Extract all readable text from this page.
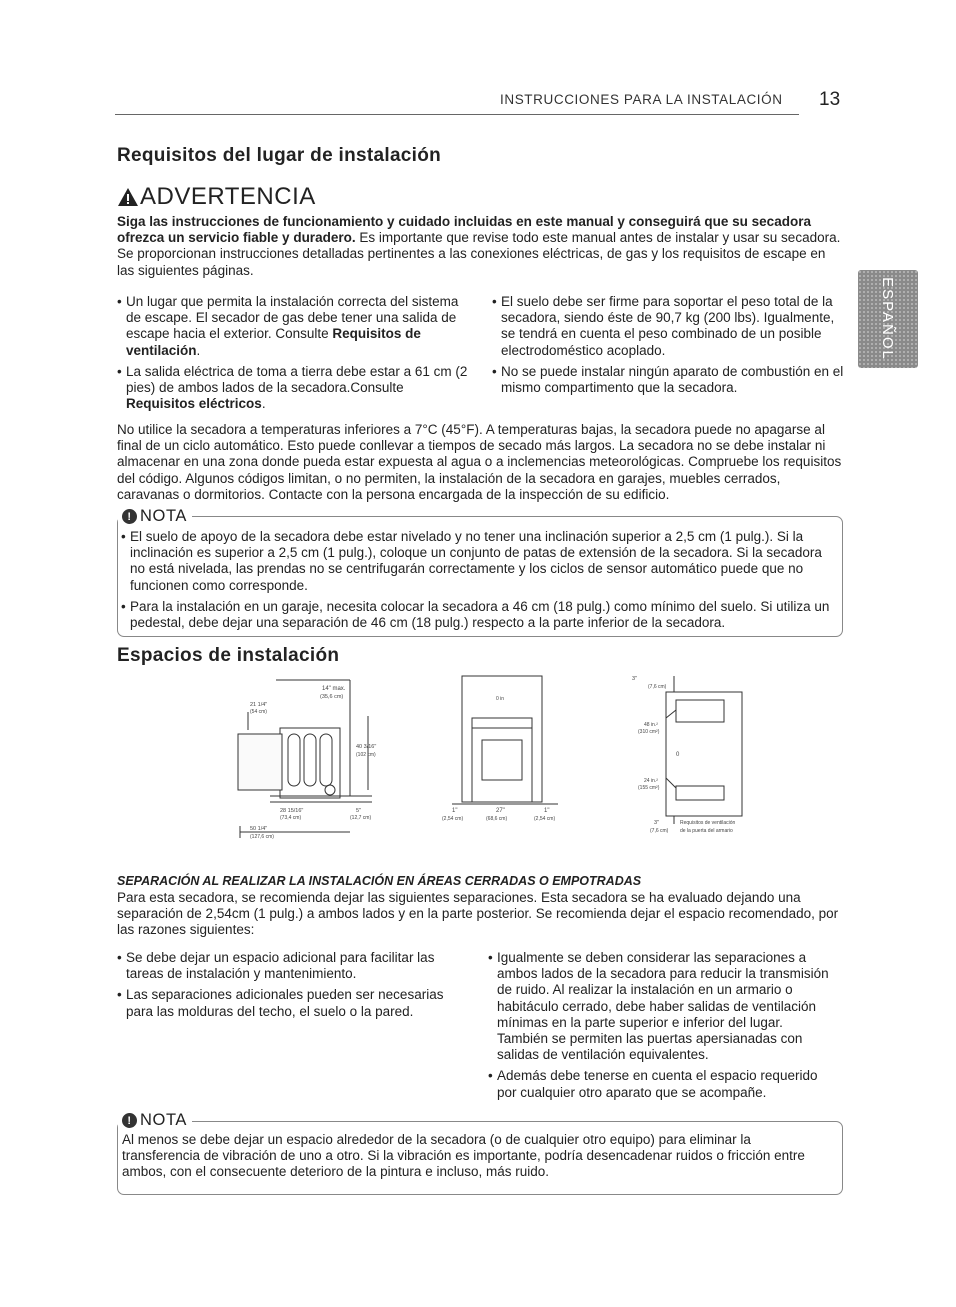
INSTRUCCIONES PARA LA INSTALACIÓN 13
ESPAÑOL
Requisitos del lugar de instalación
ADVERTENCIA

Siga las instrucciones de funcionamiento y cuidado incluidas en este manual y conseguirá que su secadora ofrezca un servicio fiable y duradero. Es importante que revise todo este manual antes de instalar y usar su secadora. Se proporcionan instrucciones detalladas pertinentes a las conexiones eléctricas, de gas y los requisitos de escape en las siguientes páginas.

• Un lugar que permita la instalación correcta del sistema de escape. El secador de gas debe tener una salida de escape hacia el exterior. Consulte Requisitos de ventilación.
• La salida eléctrica de toma a tierra debe estar a 61 cm (2 pies) de ambos lados de la secadora.Consulte Requisitos eléctricos.
• El suelo debe ser firme para soportar el peso total de la secadora, siendo éste de 90,7 kg (200 lbs). Igualmente, se tendrá en cuenta el peso combinado de un posible electrodoméstico acoplado.
• No se puede instalar ningún aparato de combustión en el mismo compartimento que la secadora.

No utilice la secadora a temperaturas inferiores a 7°C (45°F). A temperaturas bajas, la secadora puede no apagarse al final de un ciclo automático. Esto puede conllevar a tiempos de secado más largos. La secadora no se debe instalar ni almacenar en una zona donde pueda estar expuesta al agua o a inclemencias meteorológicas. Compruebe los requisitos del código. Algunos códigos limitan, o no permiten, la instalación de la secadora en garajes, muebles cerrados, caravanas o dormitorios. Contacte con la persona encargada de la inspección de su edificio.

! NOTA
• El suelo de apoyo de la secadora debe estar nivelado y no tener una inclinación superior a 2,5 cm (1 pulg.). Si la inclinación es superior a 2,5 cm (1 pulg.), coloque un conjunto de patas de extensión de la secadora. Si la secadora no está nivelada, las prendas no se centrifugarán correctamente y los ciclos de sensor automático puede que no funcionen como corresponde.
• Para la instalación en un garaje, necesita colocar la secadora a 46 cm (18 pulg.) como mínimo del suelo. Si utiliza un pedestal, debe dejar una separación de 46 cm (18 pulg.) respecto a la parte inferior de la secadora.
Espacios de instalación
14" max.
(35,6 cm)
21 1/4"
(54 cm)
40 3/16"
(102 cm)
28 15/16"
(73,4 cm)
5"
(12,7 cm)
50 1/4"
(127,6 cm)
0 in
1"
(2,54 cm)
27"
(68,6 cm)
1"
(2,54 cm)
3"
(7,6 cm)
48 in.²
(310 cm²)
0
24 in.²
(155 cm²)
3"
(7,6 cm)
Requisitos de ventilación
de la puerta del armario

SEPARACIÓN AL REALIZAR LA INSTALACIÓN EN ÁREAS CERRADAS O EMPOTRADAS

Para esta secadora, se recomienda dejar las siguientes separaciones. Esta secadora se ha evaluado dejando una separación de 2,54cm (1 pulg.) a ambos lados y en la parte posterior. Se recomienda dejar el espacio recomendado, por las razones siguientes:

• Se debe dejar un espacio adicional para facilitar las tareas de instalación y mantenimiento.
• Las separaciones adicionales pueden ser necesarias para las molduras del techo, el suelo o la pared.
• Igualmente se deben considerar las separaciones a ambos lados de la secadora para reducir la transmisión de ruido. Al realizar la instalación en un armario o habitáculo cerrado, debe haber salidas de ventilación mínimas en la parte superior e inferior del lugar. También se permiten las puertas apersianadas con salidas de ventilación equivalentes.
• Además debe tenerse en cuenta el espacio requerido por cualquier otro aparato que se acompañe.
! NOTA

Al menos se debe dejar un espacio alrededor de la secadora (o de cualquier otro equipo) para eliminar la transferencia de vibración de uno a otro. Si la vibración es importante, podría desencadenar ruidos o fricción entre ambos, con el consecuente deterioro de la pintura e incluso, más ruido.
